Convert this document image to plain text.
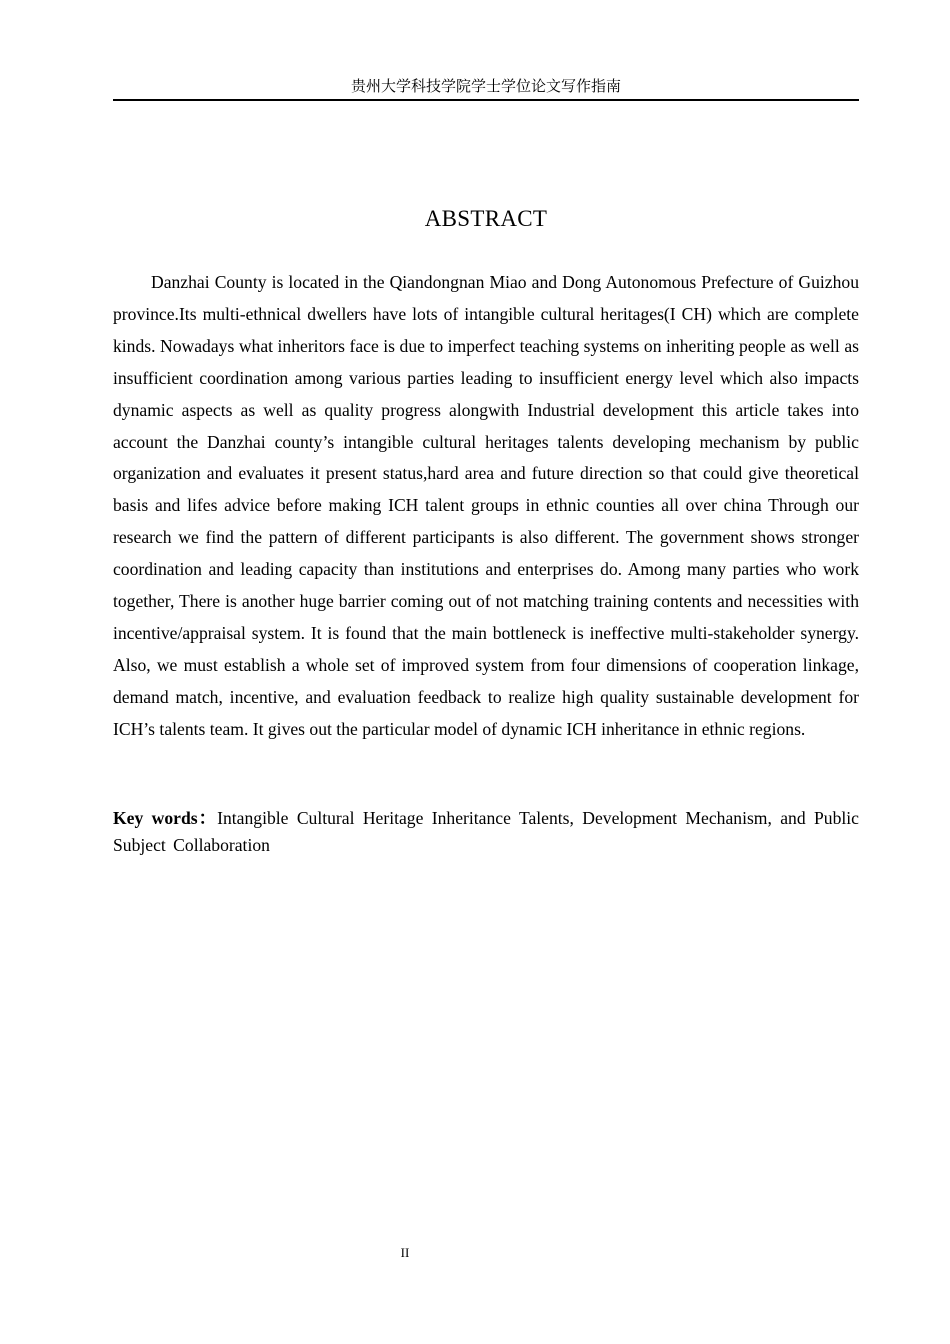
贵州大学科技学院学士学位论文写作指南
ABSTRACT

Danzhai County is located in the Qiandongnan Miao and Dong Autonomous Prefecture of Guizhou province.Its multi-ethnical dwellers have lots of intangible cultural heritages(I CH) which are complete kinds. Nowadays what inheritors face is due to imperfect teaching systems on inheriting people as well as insufficient coordination among various parties leading to insufficient energy level which also impacts dynamic aspects as well as quality progress alongwith Industrial development this article takes into account the Danzhai county’s intangible cultural heritages talents developing mechanism by public organization and evaluates it present status,hard area and future direction so that could give theoretical basis and lifes advice before making ICH talent groups in ethnic counties all over china Through our research we find the pattern of different participants is also different. The government shows stronger coordination and leading capacity than institutions and enterprises do. Among many parties who work together, There is another huge barrier coming out of not matching training contents and necessities with incentive/appraisal system. It is found that the main bottleneck is ineffective multi-stakeholder synergy. Also, we must establish a whole set of improved system from four dimensions of cooperation linkage, demand match, incentive, and evaluation feedback to realize high quality sustainable development for ICH’s talents team. It gives out the particular model of dynamic ICH inheritance in ethnic regions.

Key words：Intangible Cultural Heritage Inheritance Talents, Development Mechanism, and Public Subject Collaboration

II
